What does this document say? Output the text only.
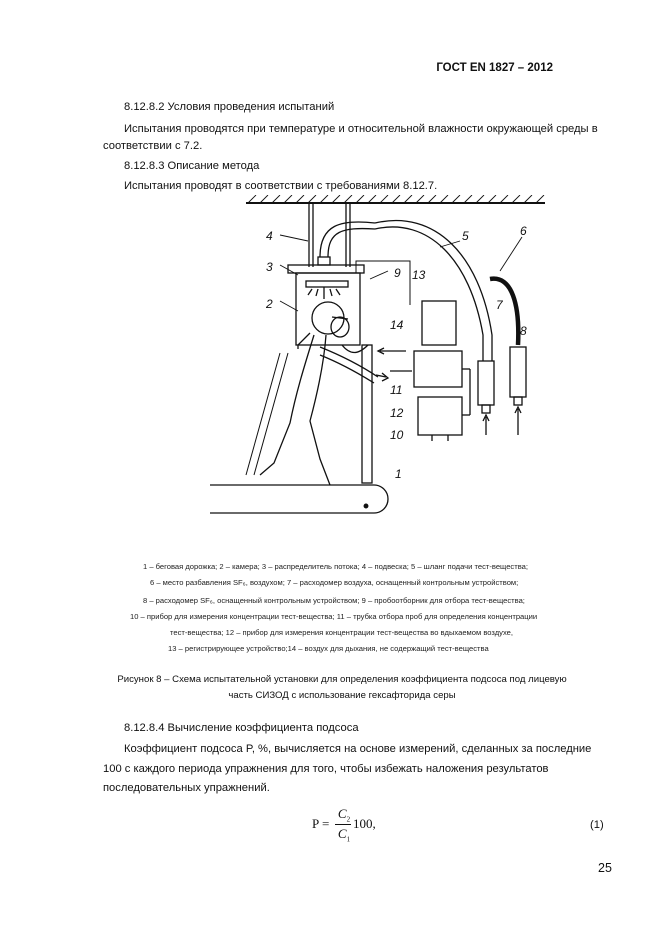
ГОСТ EN 1827 – 2012
8.12.8.2 Условия проведения испытаний
Испытания проводятся при температуре и относительной влажности окружающей среды в
соответствии с 7.2.
8.12.8.3 Описание метода
Испытания проводят в соответствии с требованиями 8.12.7.
1
2
3
4	5	6
7
8
9
10
11
12
13
14
1 – беговая дорожка; 2 – камера; 3 – распределитель потока; 4 – подвеска; 5 – шланг подачи тест-вещества;
6 – место разбавления SF₆, воздухом; 7 – расходомер воздуха, оснащенный контрольным устройством;
8 – расходомер SF₆, оснащенный контрольным устройством; 9 – пробоотборник для отбора тест-вещества;
10 – прибор для измерения концентрации тест-вещества; 11 – трубка отбора проб для определения концентрации
тест-вещества; 12 – прибор для измерения концентрации тест-вещества во вдыхаемом воздухе,
13 – регистрирующее устройство;14 – воздух для дыхания, не содержащий тест-вещества
Рисунок 8 – Схема испытательной установки для определения коэффициента подсоса под лицевую
часть СИЗОД с использование гексафторида серы
8.12.8.4 Вычисление коэффициента подсоса
Коэффициент подсоса P, %, вычисляется на основе измерений, сделанных за последние
100 с каждого периода упражнения для того, чтобы избежать наложения результатов
последовательных упражнений.
P =
$C_2$
$C_1$
100,	(1)
25
